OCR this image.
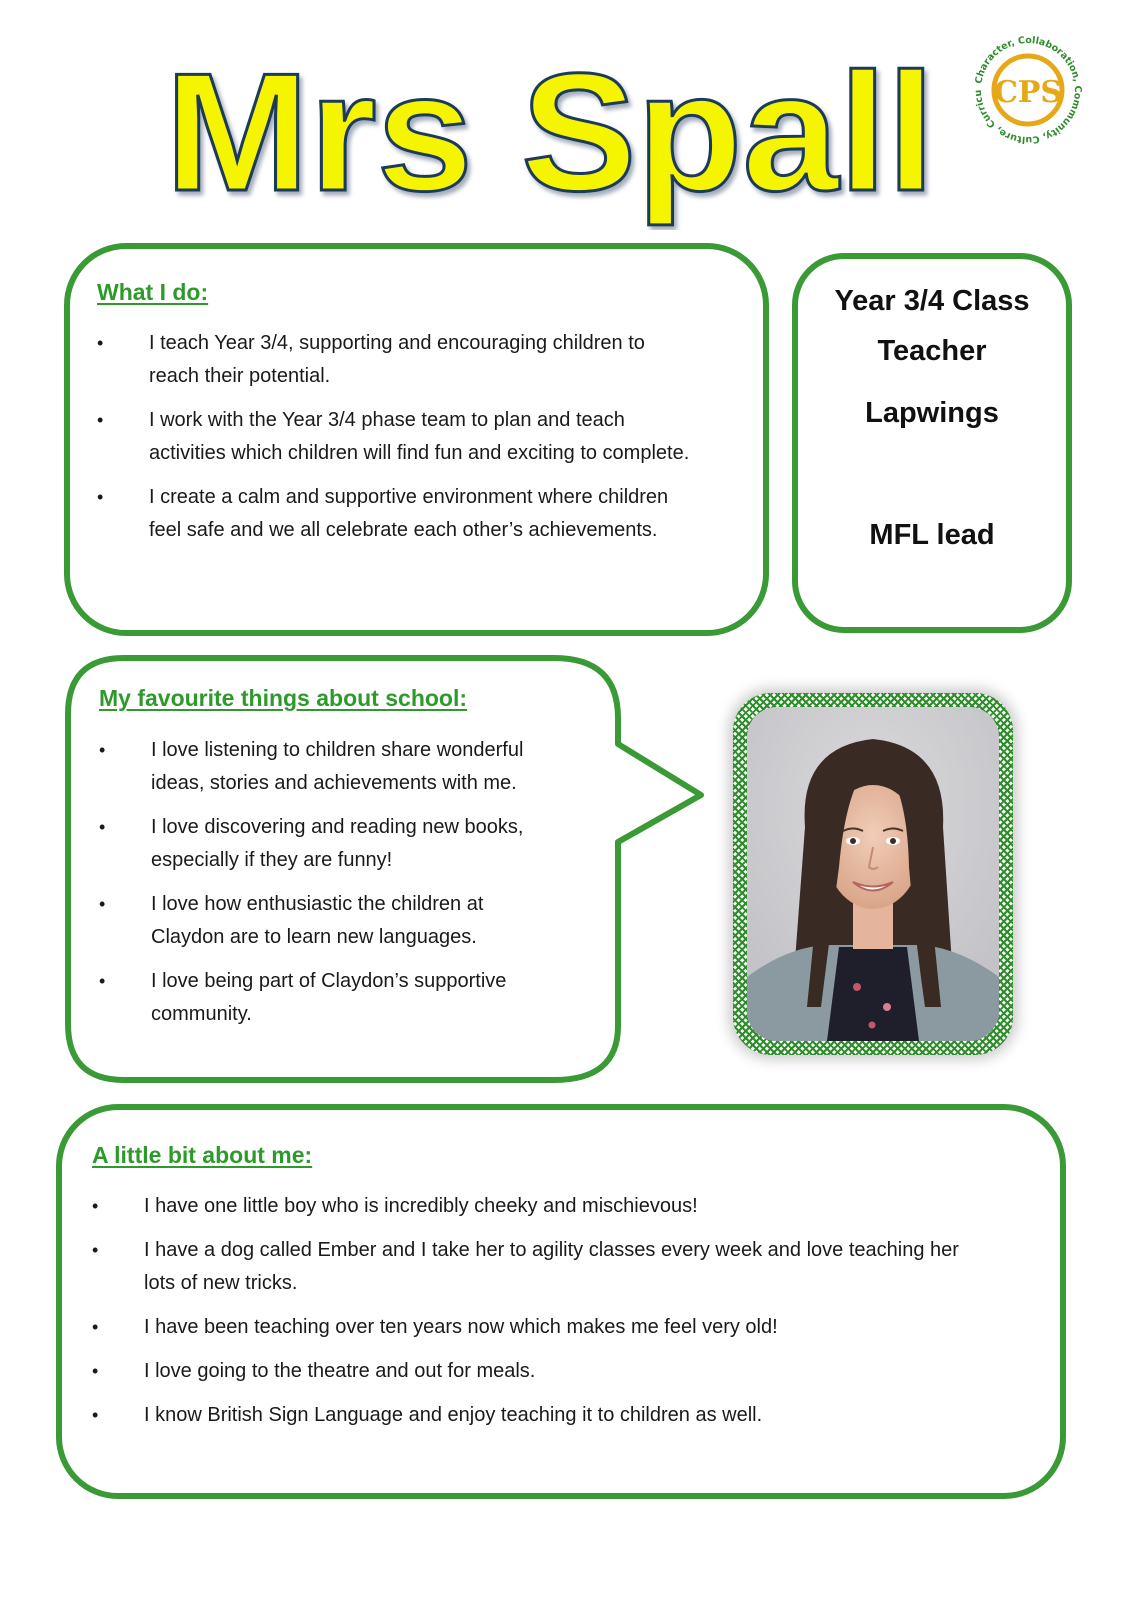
Mrs Spall	Character, Collaboration, Community, Culture, Curricu CPS
What I do:
• I teach Year 3/4, supporting and encouraging children to reach their potential.
• I work with the Year 3/4 phase team to plan and teach activities which children will find fun and exciting to complete.
• I create a calm and supportive environment where children feel safe and we all celebrate each other’s achievements.
Year 3/4 Class
Teacher
Lapwings
MFL lead
My favourite things about school:
• I love listening to children share wonderful ideas, stories and achievements with me.
• I love discovering and reading new books, especially if they are funny!
• I love how enthusiastic the children at Claydon are to learn new languages.
• I love being part of Claydon’s supportive community.
A little bit about me:
• I have one little boy who is incredibly cheeky and mischievous!
• I have a dog called Ember and I take her to agility classes every week and love teaching her lots of new tricks.
• I have been teaching over ten years now which makes me feel very old!
• I love going to the theatre and out for meals.
• I know British Sign Language and enjoy teaching it to children as well.
